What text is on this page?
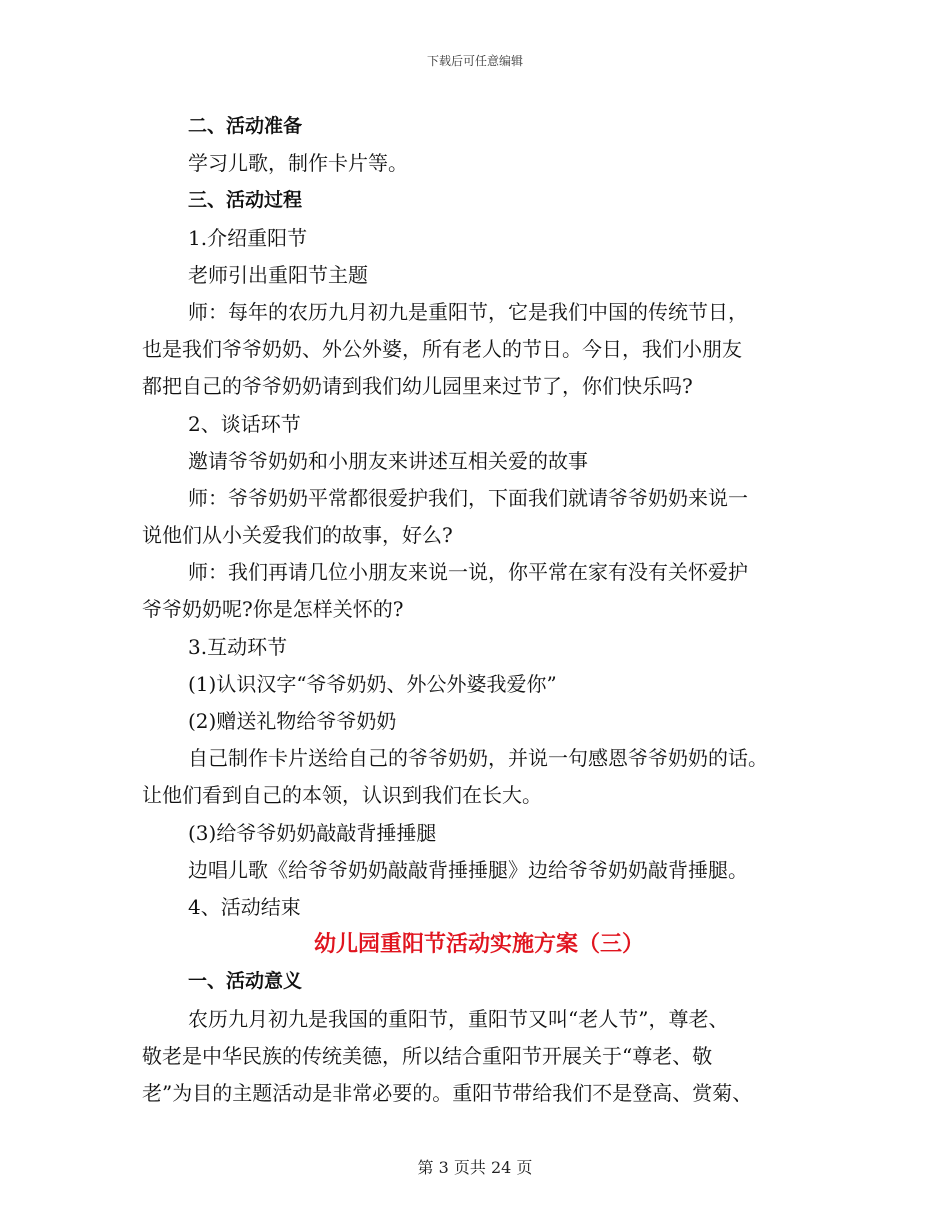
下载后可任意编辑
二、活动准备
学习儿歌，制作卡片等。
三、活动过程
1.介绍重阳节
老师引出重阳节主题
师：每年的农历九月初九是重阳节，它是我们中国的传统节日，
也是我们爷爷奶奶、外公外婆，所有老人的节日。今日，我们小朋友
都把自己的爷爷奶奶请到我们幼儿园里来过节了，你们快乐吗?
2、谈话环节
邀请爷爷奶奶和小朋友来讲述互相关爱的故事
师：爷爷奶奶平常都很爱护我们，下面我们就请爷爷奶奶来说一
说他们从小关爱我们的故事，好么?
师：我们再请几位小朋友来说一说，你平常在家有没有关怀爱护
爷爷奶奶呢?你是怎样关怀的?
3.互动环节
(1)认识汉字“爷爷奶奶、外公外婆我爱你”
(2)赠送礼物给爷爷奶奶
自己制作卡片送给自己的爷爷奶奶，并说一句感恩爷爷奶奶的话。
让他们看到自己的本领，认识到我们在长大。
(3)给爷爷奶奶敲敲背捶捶腿
边唱儿歌《给爷爷奶奶敲敲背捶捶腿》边给爷爷奶奶敲背捶腿。
4、活动结束
幼儿园重阳节活动实施方案（三）
一、活动意义
农历九月初九是我国的重阳节，重阳节又叫“老人节”，尊老、
敬老是中华民族的传统美德，所以结合重阳节开展关于“尊老、敬
老”为目的主题活动是非常必要的。重阳节带给我们不是登高、赏菊、
第 3 页共 24 页
